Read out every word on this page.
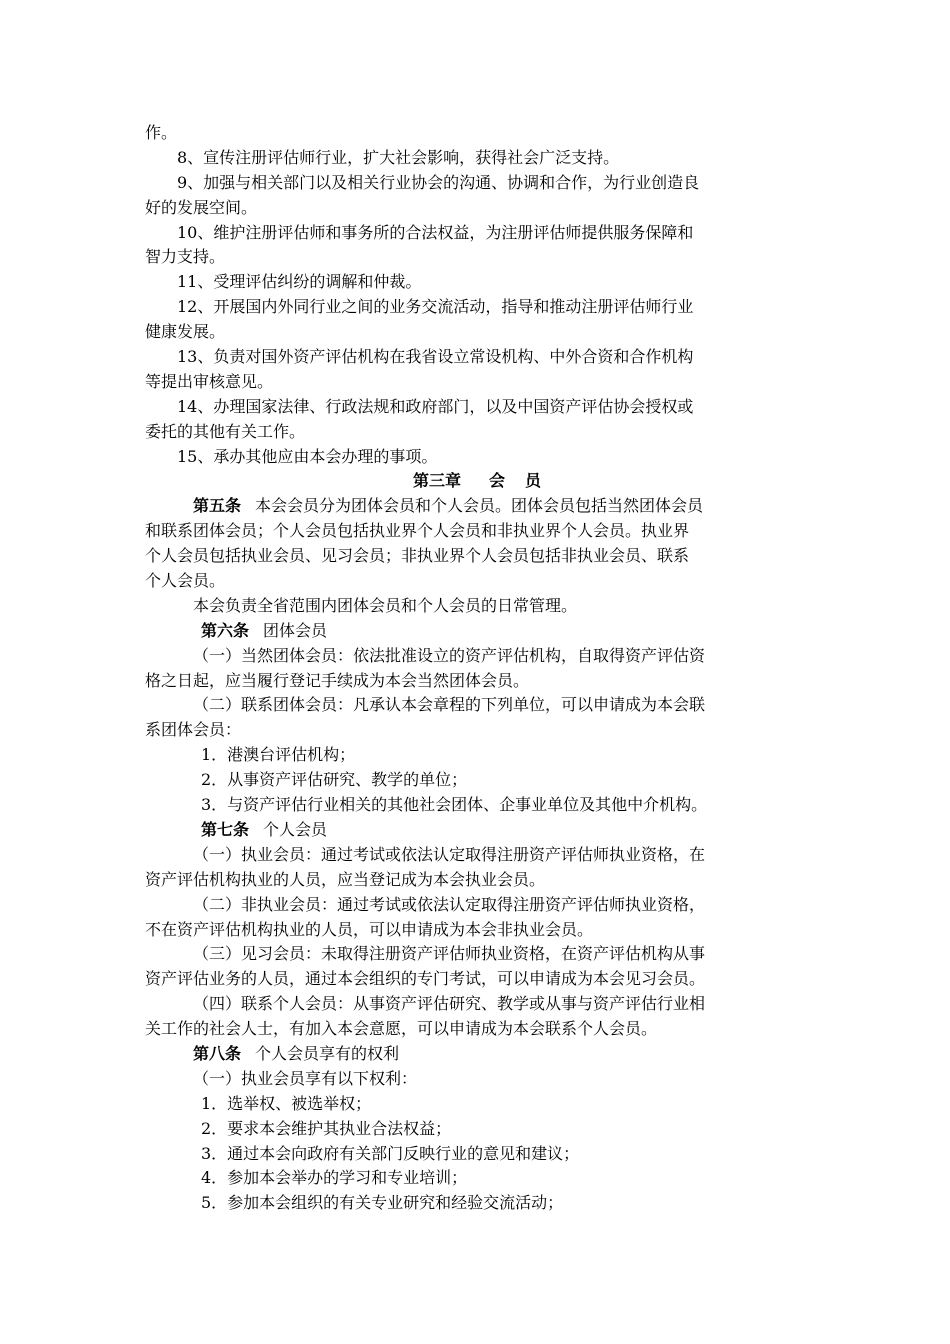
作。
8、宣传注册评估师行业，扩大社会影响，获得社会广泛支持。
9、加强与相关部门以及相关行业协会的沟通、协调和合作，为行业创造良
好的发展空间。
10、维护注册评估师和事务所的合法权益，为注册评估师提供服务保障和
智力支持。
11、受理评估纠纷的调解和仲裁。
12、开展国内外同行业之间的业务交流活动，指导和推动注册评估师行业
健康发展。
13、负责对国外资产评估机构在我省设立常设机构、中外合资和合作机构
等提出审核意见。
14、办理国家法律、行政法规和政府部门，以及中国资产评估协会授权或
委托的其他有关工作。
15、承办其他应由本会办理的事项。
第三章 会 员
第五条 本会会员分为团体会员和个人会员。团体会员包括当然团体会员
和联系团体会员；个人会员包括执业界个人会员和非执业界个人会员。执业界
个人会员包括执业会员、见习会员；非执业界个人会员包括非执业会员、联系
个人会员。
本会负责全省范围内团体会员和个人会员的日常管理。
第六条 团体会员
（一）当然团体会员：依法批准设立的资产评估机构，自取得资产评估资
格之日起，应当履行登记手续成为本会当然团体会员。
（二）联系团体会员：凡承认本会章程的下列单位，可以申请成为本会联
系团体会员：
1．港澳台评估机构；
2．从事资产评估研究、教学的单位；
3．与资产评估行业相关的其他社会团体、企事业单位及其他中介机构。
第七条 个人会员
（一）执业会员：通过考试或依法认定取得注册资产评估师执业资格，在
资产评估机构执业的人员，应当登记成为本会执业会员。
（二）非执业会员：通过考试或依法认定取得注册资产评估师执业资格，
不在资产评估机构执业的人员，可以申请成为本会非执业会员。
（三）见习会员：未取得注册资产评估师执业资格，在资产评估机构从事
资产评估业务的人员，通过本会组织的专门考试，可以申请成为本会见习会员。
（四）联系个人会员：从事资产评估研究、教学或从事与资产评估行业相
关工作的社会人士，有加入本会意愿，可以申请成为本会联系个人会员。
第八条 个人会员享有的权利
（一）执业会员享有以下权利：
1．选举权、被选举权；
2．要求本会维护其执业合法权益；
3．通过本会向政府有关部门反映行业的意见和建议；
4．参加本会举办的学习和专业培训；
5．参加本会组织的有关专业研究和经验交流活动；
